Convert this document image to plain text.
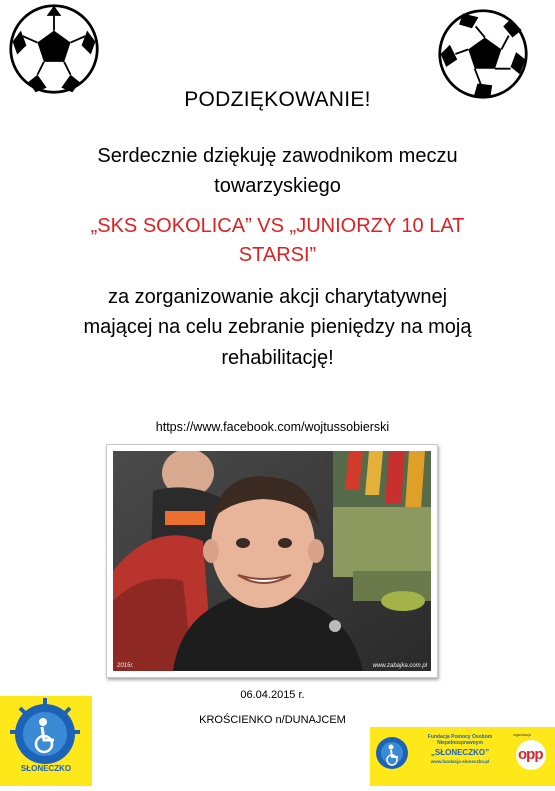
PODZIĘKOWANIE!
Serdecznie dziękuję zawodnikom meczu
towarzyskiego
„SKS SOKOLICA” VS „JUNIORZY 10 LAT
STARSI”
za zorganizowanie akcji charytatywnej
mającej na celu zebranie pieniędzy na moją
rehabilitację!
https://www.facebook.com/wojtussobierski
2015r.	www.zabajka.com.pl
06.04.2015 r.
KROŚCIENKO n/DUNAJCEM
Fundacja
SŁONECZKO
Fundacja Pomocy Osobom Niepełnosprawnym
„SŁONECZKO”
www.fundacja-sloneczko.pl
organizacja
opp
